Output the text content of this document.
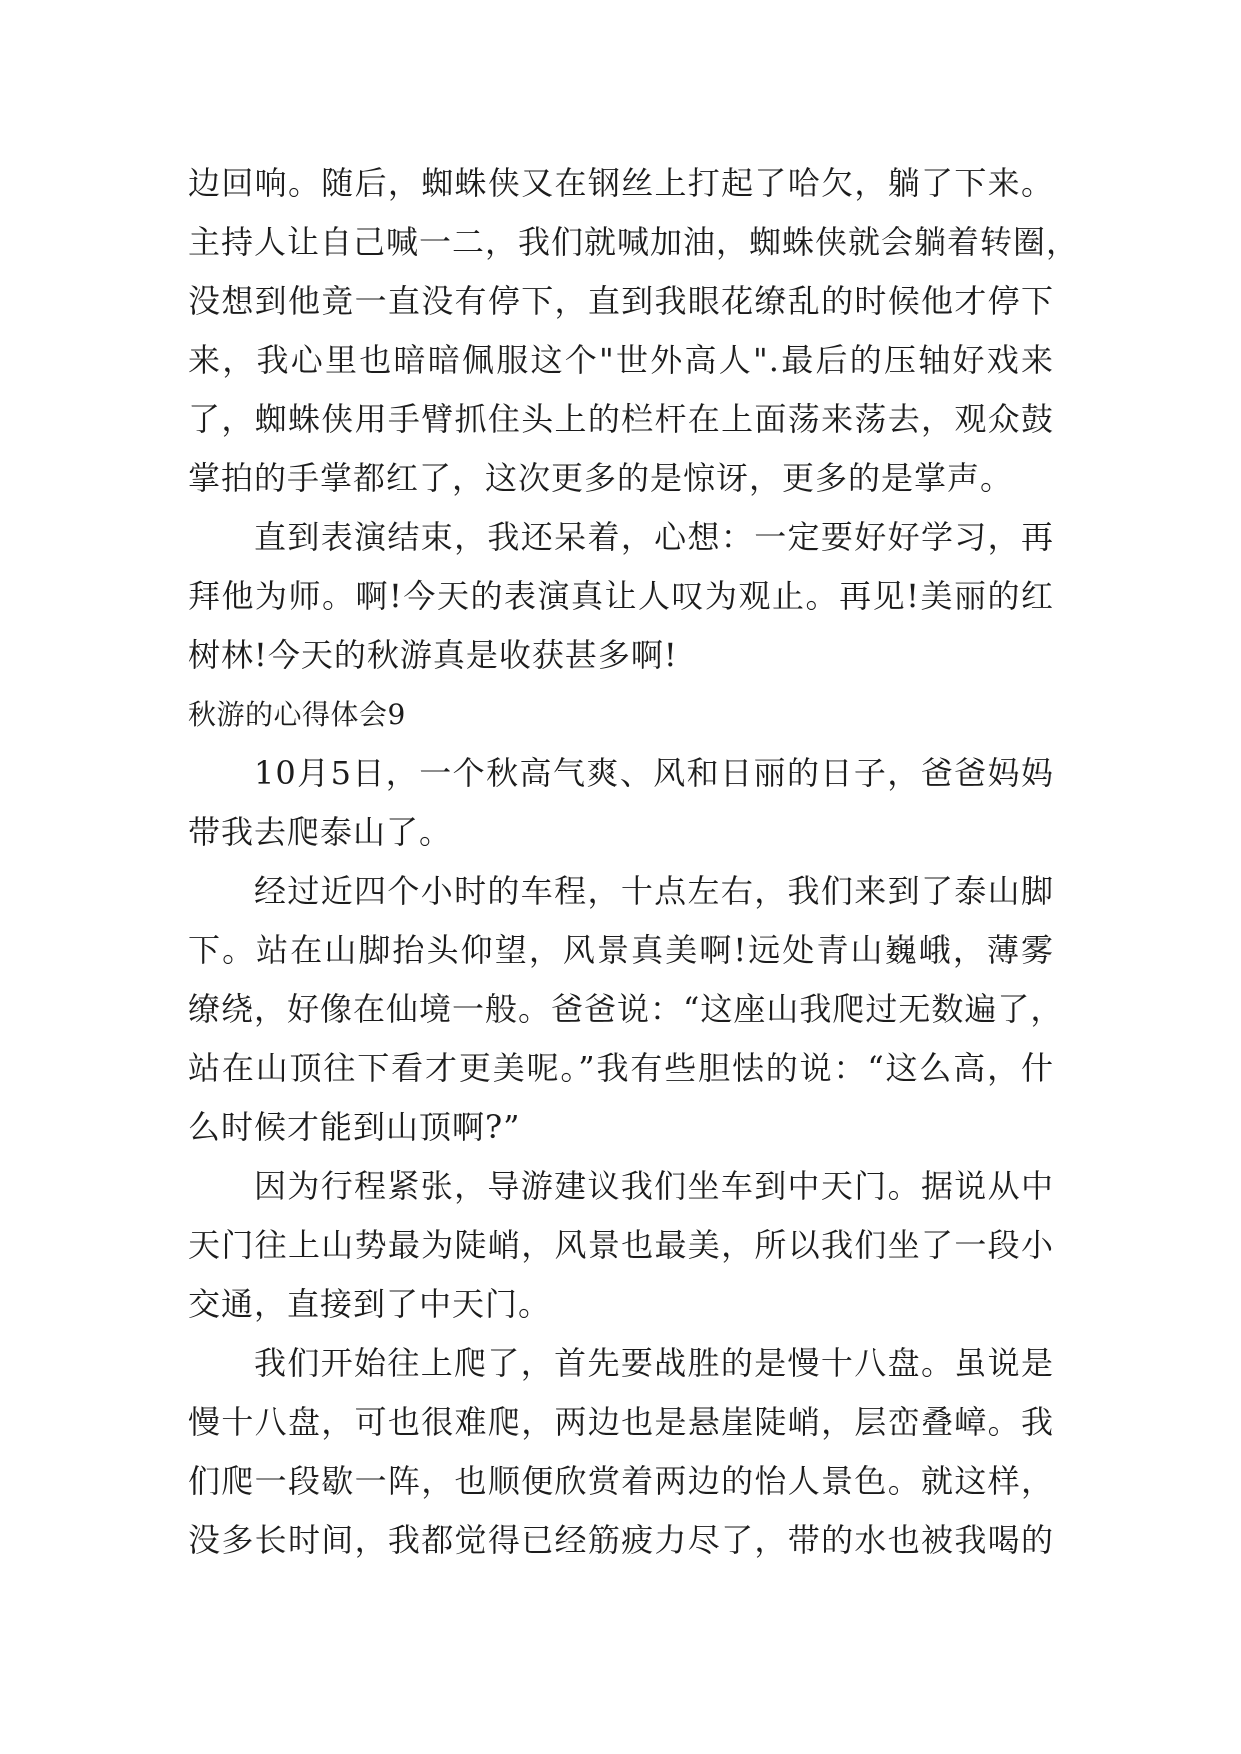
边回响。随后，蜘蛛侠又在钢丝上打起了哈欠，躺了下来。
主持人让自己喊一二，我们就喊加油，蜘蛛侠就会躺着转圈，
没想到他竟一直没有停下，直到我眼花缭乱的时候他才停下
来，我心里也暗暗佩服这个"世外高人".最后的压轴好戏来
了，蜘蛛侠用手臂抓住头上的栏杆在上面荡来荡去，观众鼓
掌拍的手掌都红了，这次更多的是惊讶，更多的是掌声。
直到表演结束，我还呆着，心想：一定要好好学习，再
拜他为师。啊!今天的表演真让人叹为观止。再见!美丽的红
树林!今天的秋游真是收获甚多啊!
秋游的心得体会9
10月5日，一个秋高气爽、风和日丽的日子，爸爸妈妈
带我去爬泰山了。
经过近四个小时的车程，十点左右，我们来到了泰山脚
下。站在山脚抬头仰望，风景真美啊!远处青山巍峨，薄雾
缭绕，好像在仙境一般。爸爸说：“这座山我爬过无数遍了，
站在山顶往下看才更美呢。”我有些胆怯的说：“这么高，什
么时候才能到山顶啊?”
因为行程紧张，导游建议我们坐车到中天门。据说从中
天门往上山势最为陡峭，风景也最美，所以我们坐了一段小
交通，直接到了中天门。
我们开始往上爬了，首先要战胜的是慢十八盘。虽说是
慢十八盘，可也很难爬，两边也是悬崖陡峭，层峦叠嶂。我
们爬一段歇一阵，也顺便欣赏着两边的怡人景色。就这样，
没多长时间，我都觉得已经筋疲力尽了，带的水也被我喝的
